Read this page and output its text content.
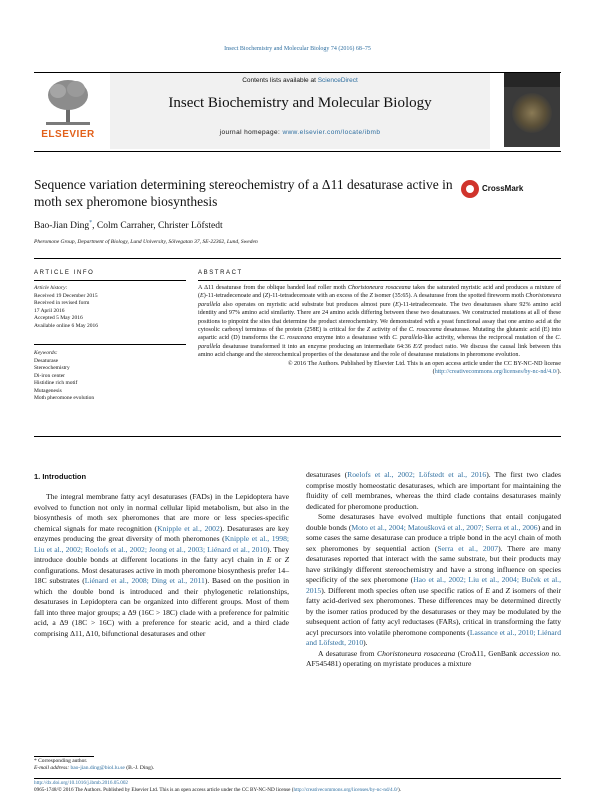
Insect Biochemistry and Molecular Biology 74 (2016) 68–75
ELSEVIER
Contents lists available at ScienceDirect
Insect Biochemistry and Molecular Biology
journal homepage: www.elsevier.com/locate/ibmb
Sequence variation determining stereochemistry of a Δ11 desaturase active in moth sex pheromone biosynthesis
CrossMark
Bao-Jian Ding*, Colm Carraher, Christer Löfstedt
Pheromone Group, Department of Biology, Lund University, Sölvegatan 37, SE-22362, Lund, Sweden
ARTICLE INFO	ABSTRACT
Article history:
Received 19 December 2015
Received in revised form
17 April 2016
Accepted 5 May 2016
Available online 6 May 2016
Keywords:
Desaturase
Stereochemistry
Di-iron center
Histidine rich motif
Mutagenesis
Moth pheromone evolution

A Δ11 desaturase from the oblique banded leaf roller moth Choristoneura rosaceana takes the saturated myristic acid and produces a mixture of (E)-11-tetradecenoate and (Z)-11-tetradecenoate with an excess of the Z isomer (35:65). A desaturase from the spotted fireworm moth Choristoneura parallela also operates on myristic acid substrate but produces almost pure (E)-11-tetradecenoate. The two desaturases share 92% amino acid identity and 97% amino acid similarity. There are 24 amino acids differing between these two desaturases. We constructed mutations at all of these positions to pinpoint the sites that determine the product stereochemistry. We demonstrated with a yeast functional assay that one amino acid at the cytosolic carboxyl terminus of the protein (258E) is critical for the Z activity of the C. rosaceana desaturase. Mutating the glutamic acid (E) into aspartic acid (D) transforms the C. rosaceana enzyme into a desaturase with C. parallela-like activity, whereas the reciprocal mutation of the C. parallela desaturase transformed it into an enzyme producing an intermediate 64:36 E/Z product ratio. We discuss the causal link between this amino acid change and the stereochemical properties of the desaturase and the role of desaturase mutations in pheromone evolution.

© 2016 The Authors. Published by Elsevier Ltd. This is an open access article under the CC BY-NC-ND license (http://creativecommons.org/licenses/by-nc-nd/4.0/).

1. Introduction

The integral membrane fatty acyl desaturases (FADs) in the Lepidoptera have evolved to function not only in normal cellular lipid metabolism, but also in the biosynthesis of moth sex pheromones that are more or less species-specific chemical signals for mate recognition (Knipple et al., 2002). Desaturases are key enzymes producing the great diversity of moth pheromones (Knipple et al., 1998; Liu et al., 2002; Roelofs et al., 2002; Jeong et al., 2003; Liénard et al., 2010). They introduce double bonds at different locations in the fatty acyl chain in E or Z configurations. Most desaturases active in moth pheromone biosynthesis prefer 14–18C substrates (Liénard et al., 2008; Ding et al., 2011). Based on the position in which the double bond is introduced and their phylogenetic relationships, desaturases in Lepidoptera can be organized into different groups. Most of them fall into three major groups; a Δ9 (16C > 18C) clade with a preference for palmitic acid, a Δ9 (18C > 16C) with a preference for stearic acid, and a third clade comprising Δ11, Δ10, bifunctional desaturases and other

desaturases (Roelofs et al., 2002; Löfstedt et al., 2016). The first two clades comprise mostly homeostatic desaturases, which are important for maintaining the fluidity of cell membranes, whereas the third clade contains desaturases mainly dedicated for pheromone production.

Some desaturases have evolved multiple functions that entail conjugated double bonds (Moto et al., 2004; Matoušková et al., 2007; Serra et al., 2006) and in some cases the same desaturase can produce a triple bond in the acyl chain of moth sex pheromones by sequential action (Serra et al., 2007). There are many desaturases reported that interact with the same substrate, but their products may have strikingly different stereochemistry and have a strong influence on species specificity of the sex pheromone (Hao et al., 2002; Liu et al., 2004; Buček et al., 2015). Different moth species often use specific ratios of E and Z isomers of their fatty acid-derived sex pheromones. These differences may be determined directly by the isomer ratios produced by the desaturases or they may be modulated by the subsequent action of fatty acyl reductases (FARs), critical in transforming the fatty acyl precursors into volatile pheromone components (Lassance et al., 2010; Liénard and Löfstedt, 2010).

A desaturase from Choristoneura rosaceana (CroΔ11, GenBank accession no. AF545481) operating on myristate produces a mixture

* Corresponding author.
E-mail address: bao-jian.ding@biol.lu.se (B.-J. Ding).
http://dx.doi.org/10.1016/j.ibmb.2016.05.002
0965-1748/© 2016 The Authors. Published by Elsevier Ltd. This is an open access article under the CC BY-NC-ND license (http://creativecommons.org/licenses/by-nc-nd/4.0/).
